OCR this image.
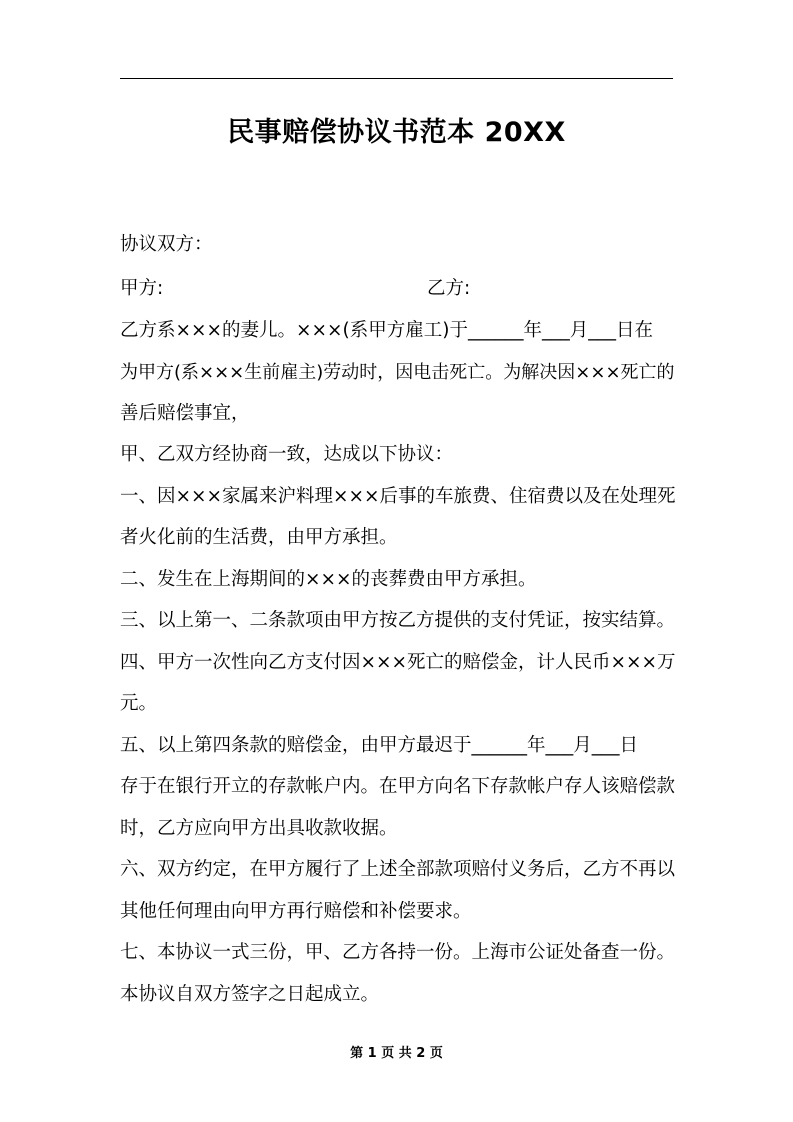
民事赔偿协议书范本 20XX
协议双方：
甲方:	乙方:
乙方系×××的妻儿。×××(系甲方雇工)于______年___月___日在
为甲方(系×××生前雇主)劳动时，因电击死亡。为解决因×××死亡的
善后赔偿事宜，
甲、乙双方经协商一致，达成以下协议：
一、因×××家属来沪料理×××后事的车旅费、住宿费以及在处理死
者火化前的生活费，由甲方承担。
二、发生在上海期间的×××的丧葬费由甲方承担。
三、以上第一、二条款项由甲方按乙方提供的支付凭证，按实结算。
四、甲方一次性向乙方支付因×××死亡的赔偿金，计人民币×××万
元。
五、以上第四条款的赔偿金，由甲方最迟于______年___月___日
存于在银行开立的存款帐户内。在甲方向名下存款帐户存人该赔偿款
时，乙方应向甲方出具收款收据。
六、双方约定，在甲方履行了上述全部款项赔付义务后，乙方不再以
其他任何理由向甲方再行赔偿和补偿要求。
七、本协议一式三份，甲、乙方各持一份。上海市公证处备查一份。
本协议自双方签字之日起成立。
第 1 页 共 2 页
